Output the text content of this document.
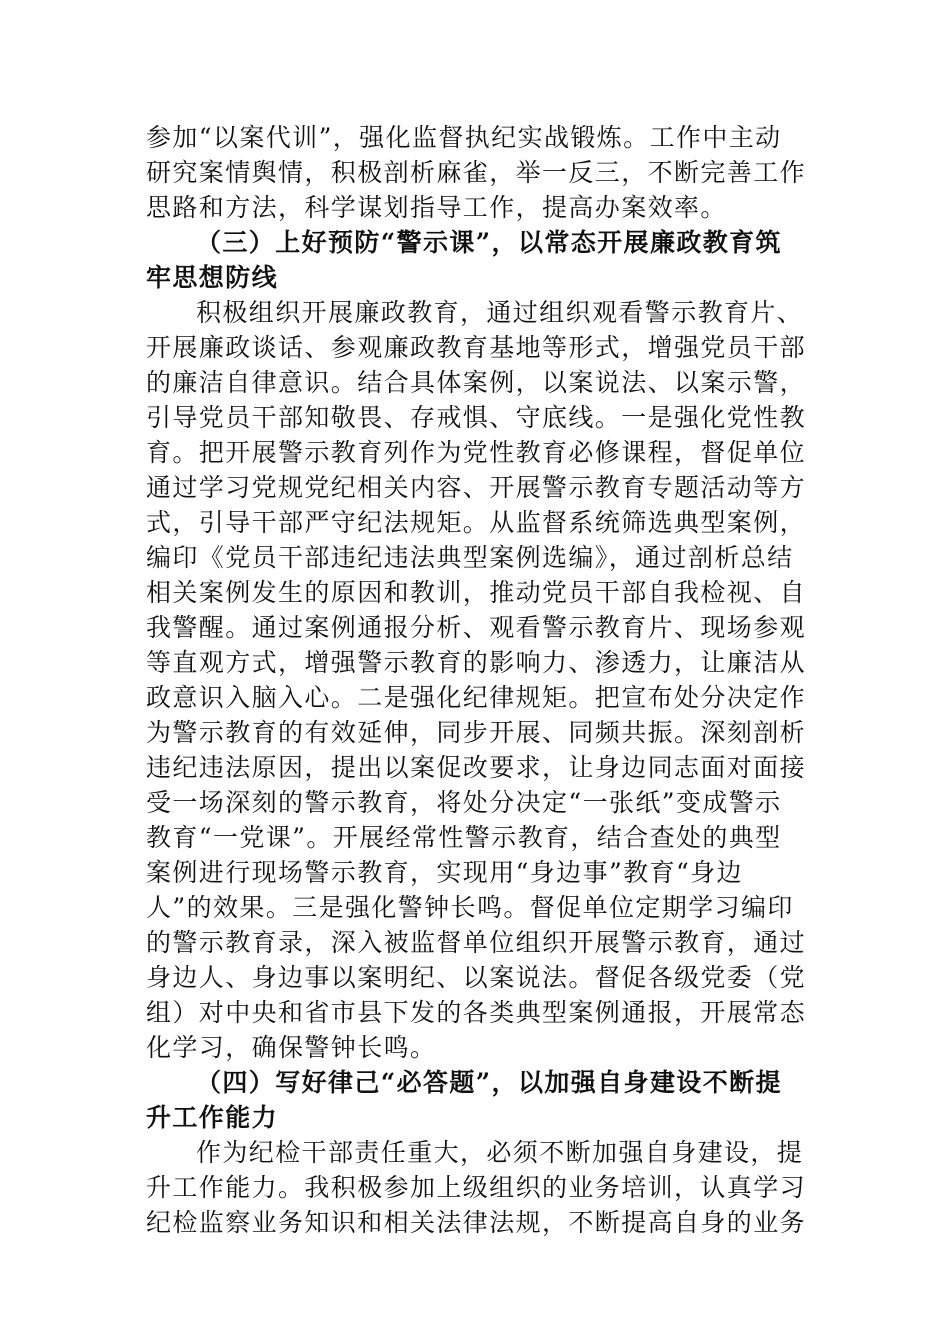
参加“以案代训”，强化监督执纪实战锻炼。工作中主动
研究案情舆情，积极剖析麻雀，举一反三，不断完善工作
思路和方法，科学谋划指导工作，提高办案效率。
（三）上好预防“警示课”，以常态开展廉政教育筑
牢思想防线
积极组织开展廉政教育，通过组织观看警示教育片、
开展廉政谈话、参观廉政教育基地等形式，增强党员干部
的廉洁自律意识。结合具体案例，以案说法、以案示警，
引导党员干部知敬畏、存戒惧、守底线。一是强化党性教
育。把开展警示教育列作为党性教育必修课程，督促单位
通过学习党规党纪相关内容、开展警示教育专题活动等方
式，引导干部严守纪法规矩。从监督系统筛选典型案例，
编印《党员干部违纪违法典型案例选编》，通过剖析总结
相关案例发生的原因和教训，推动党员干部自我检视、自
我警醒。通过案例通报分析、观看警示教育片、现场参观
等直观方式，增强警示教育的影响力、渗透力，让廉洁从
政意识入脑入心。二是强化纪律规矩。把宣布处分决定作
为警示教育的有效延伸，同步开展、同频共振。深刻剖析
违纪违法原因，提出以案促改要求，让身边同志面对面接
受一场深刻的警示教育，将处分决定“一张纸”变成警示
教育“一党课”。开展经常性警示教育，结合查处的典型
案例进行现场警示教育，实现用“身边事”教育“身边
人”的效果。三是强化警钟长鸣。督促单位定期学习编印
的警示教育录，深入被监督单位组织开展警示教育，通过
身边人、身边事以案明纪、以案说法。督促各级党委（党
组）对中央和省市县下发的各类典型案例通报，开展常态
化学习，确保警钟长鸣。
（四）写好律己“必答题”，以加强自身建设不断提
升工作能力
作为纪检干部责任重大，必须不断加强自身建设，提
升工作能力。我积极参加上级组织的业务培训，认真学习
纪检监察业务知识和相关法律法规，不断提高自身的业务
